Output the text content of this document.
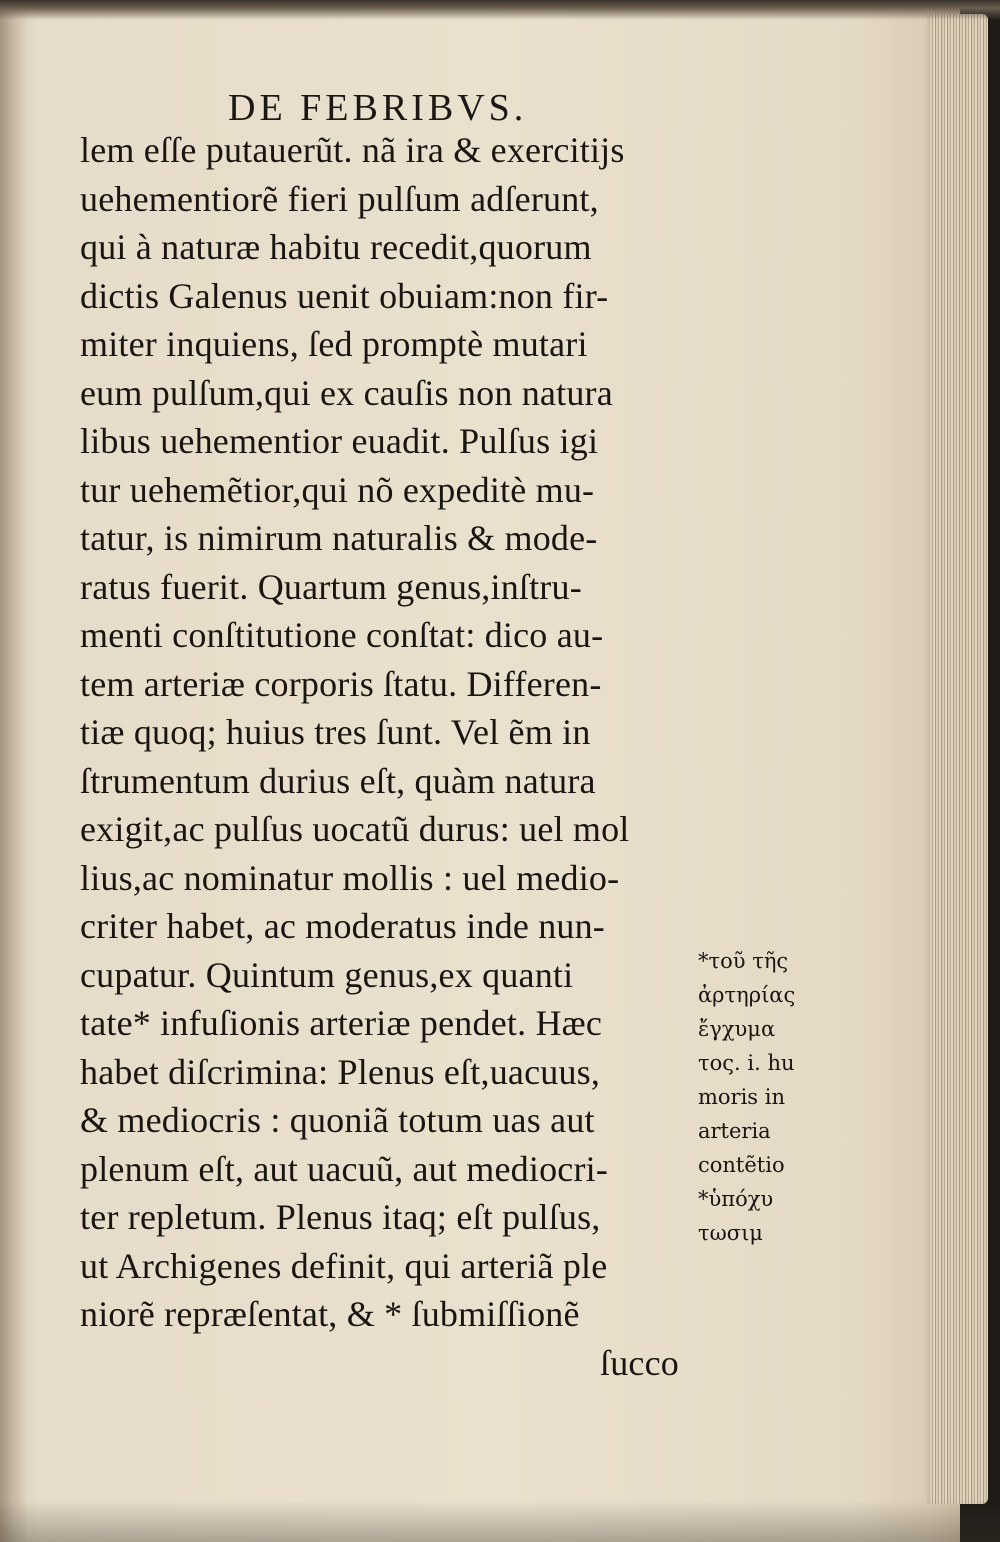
DE FEBRIBVS.
lem eſſe putauerũt. nã ira & exercitijs
uehementiorẽ fieri pulſum adſerunt,
qui à naturæ habitu recedit,quorum
dictis Galenus uenit obuiam:non fir-
miter inquiens, ſed promptè mutari
eum pulſum,qui ex cauſis non natura
libus uehementior euadit. Pulſus igi
tur uehemẽtior,qui nõ expeditè mu-
tatur, is nimirum naturalis & mode-
ratus fuerit. Quartum genus,inſtru-
menti conſtitutione conſtat: dico au-
tem arteriæ corporis ſtatu. Differen-
tiæ quoq; huius tres ſunt. Vel ẽm in
ſtrumentum durius eſt, quàm natura
exigit,ac pulſus uocatũ durus: uel mol
lius,ac nominatur mollis : uel medio-
criter habet, ac moderatus inde nun-
cupatur. Quintum genus,ex quanti
tate* infuſionis arteriæ pendet. Hæc
habet diſcrimina: Plenus eſt,uacuus,
& mediocris : quoniã totum uas aut
plenum eſt, aut uacuũ, aut mediocri-
ter repletum. Plenus itaq; eſt pulſus,
ut Archigenes definit, qui arteriã ple
niorẽ repræſentat, & * ſubmiſſionẽ
ſucco
*τοῦ τῆς
ἀρτηρίας
ἔγχυμα
τος. i. hu
moris in
arteria
contẽtio
*ὑπόχυ
τωσιμ
